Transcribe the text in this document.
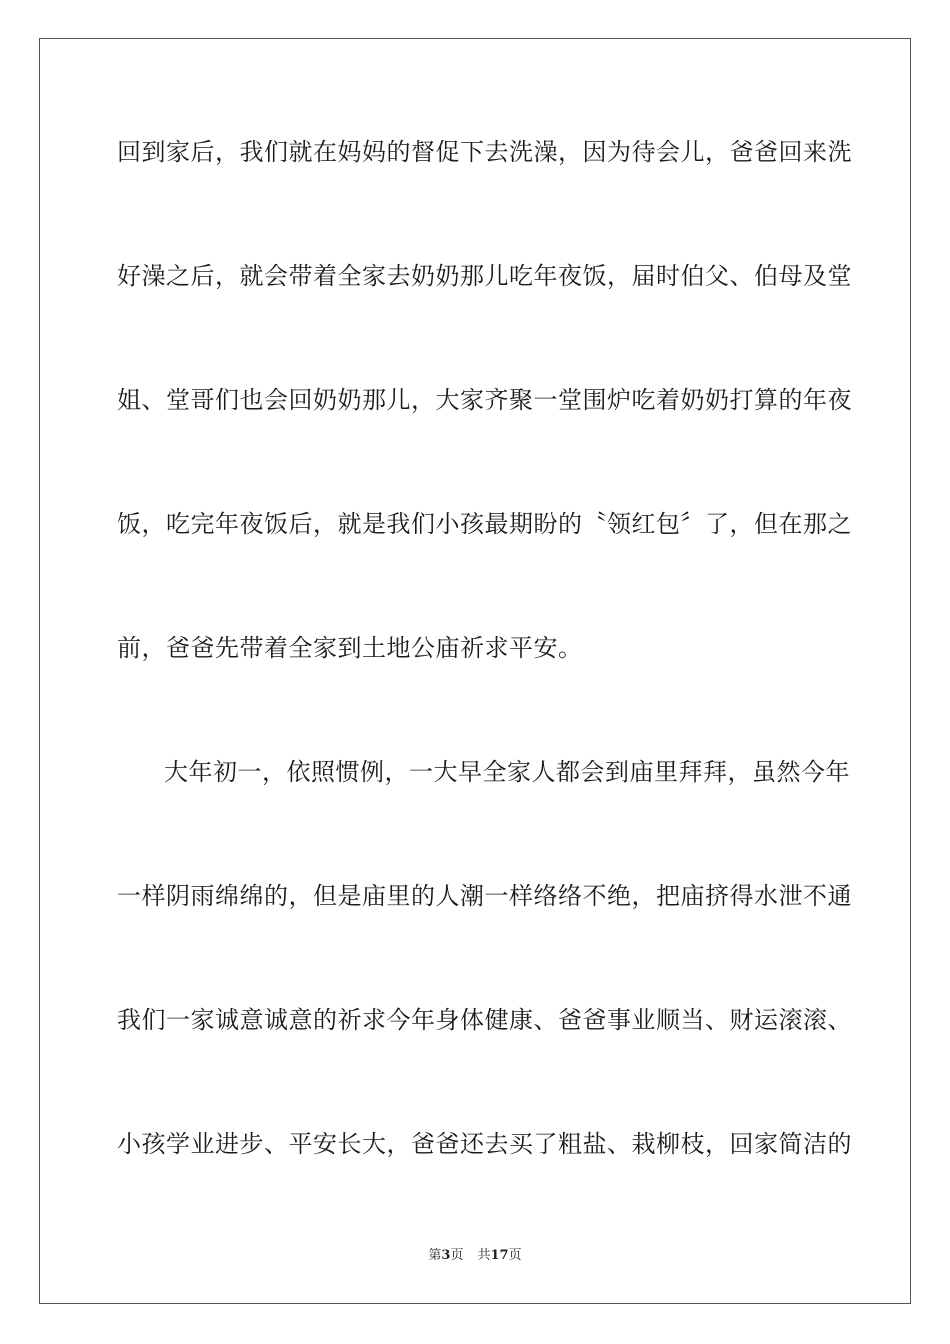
回到家后，我们就在妈妈的督促下去洗澡，因为待会儿，爸爸回来洗
好澡之后，就会带着全家去奶奶那儿吃年夜饭，届时伯父、伯母及堂
姐、堂哥们也会回奶奶那儿，大家齐聚一堂围炉吃着奶奶打算的年夜
饭，吃完年夜饭后，就是我们小孩最期盼的〝领红包〞了，但在那之
前，爸爸先带着全家到土地公庙祈求平安。
大年初一，依照惯例，一大早全家人都会到庙里拜拜，虽然今年
一样阴雨绵绵的，但是庙里的人潮一样络络不绝，把庙挤得水泄不通
我们一家诚意诚意的祈求今年身体健康、爸爸事业顺当、财运滚滚、
小孩学业进步、平安长大，爸爸还去买了粗盐、栽柳枝，回家简洁的
第3页 共17页
